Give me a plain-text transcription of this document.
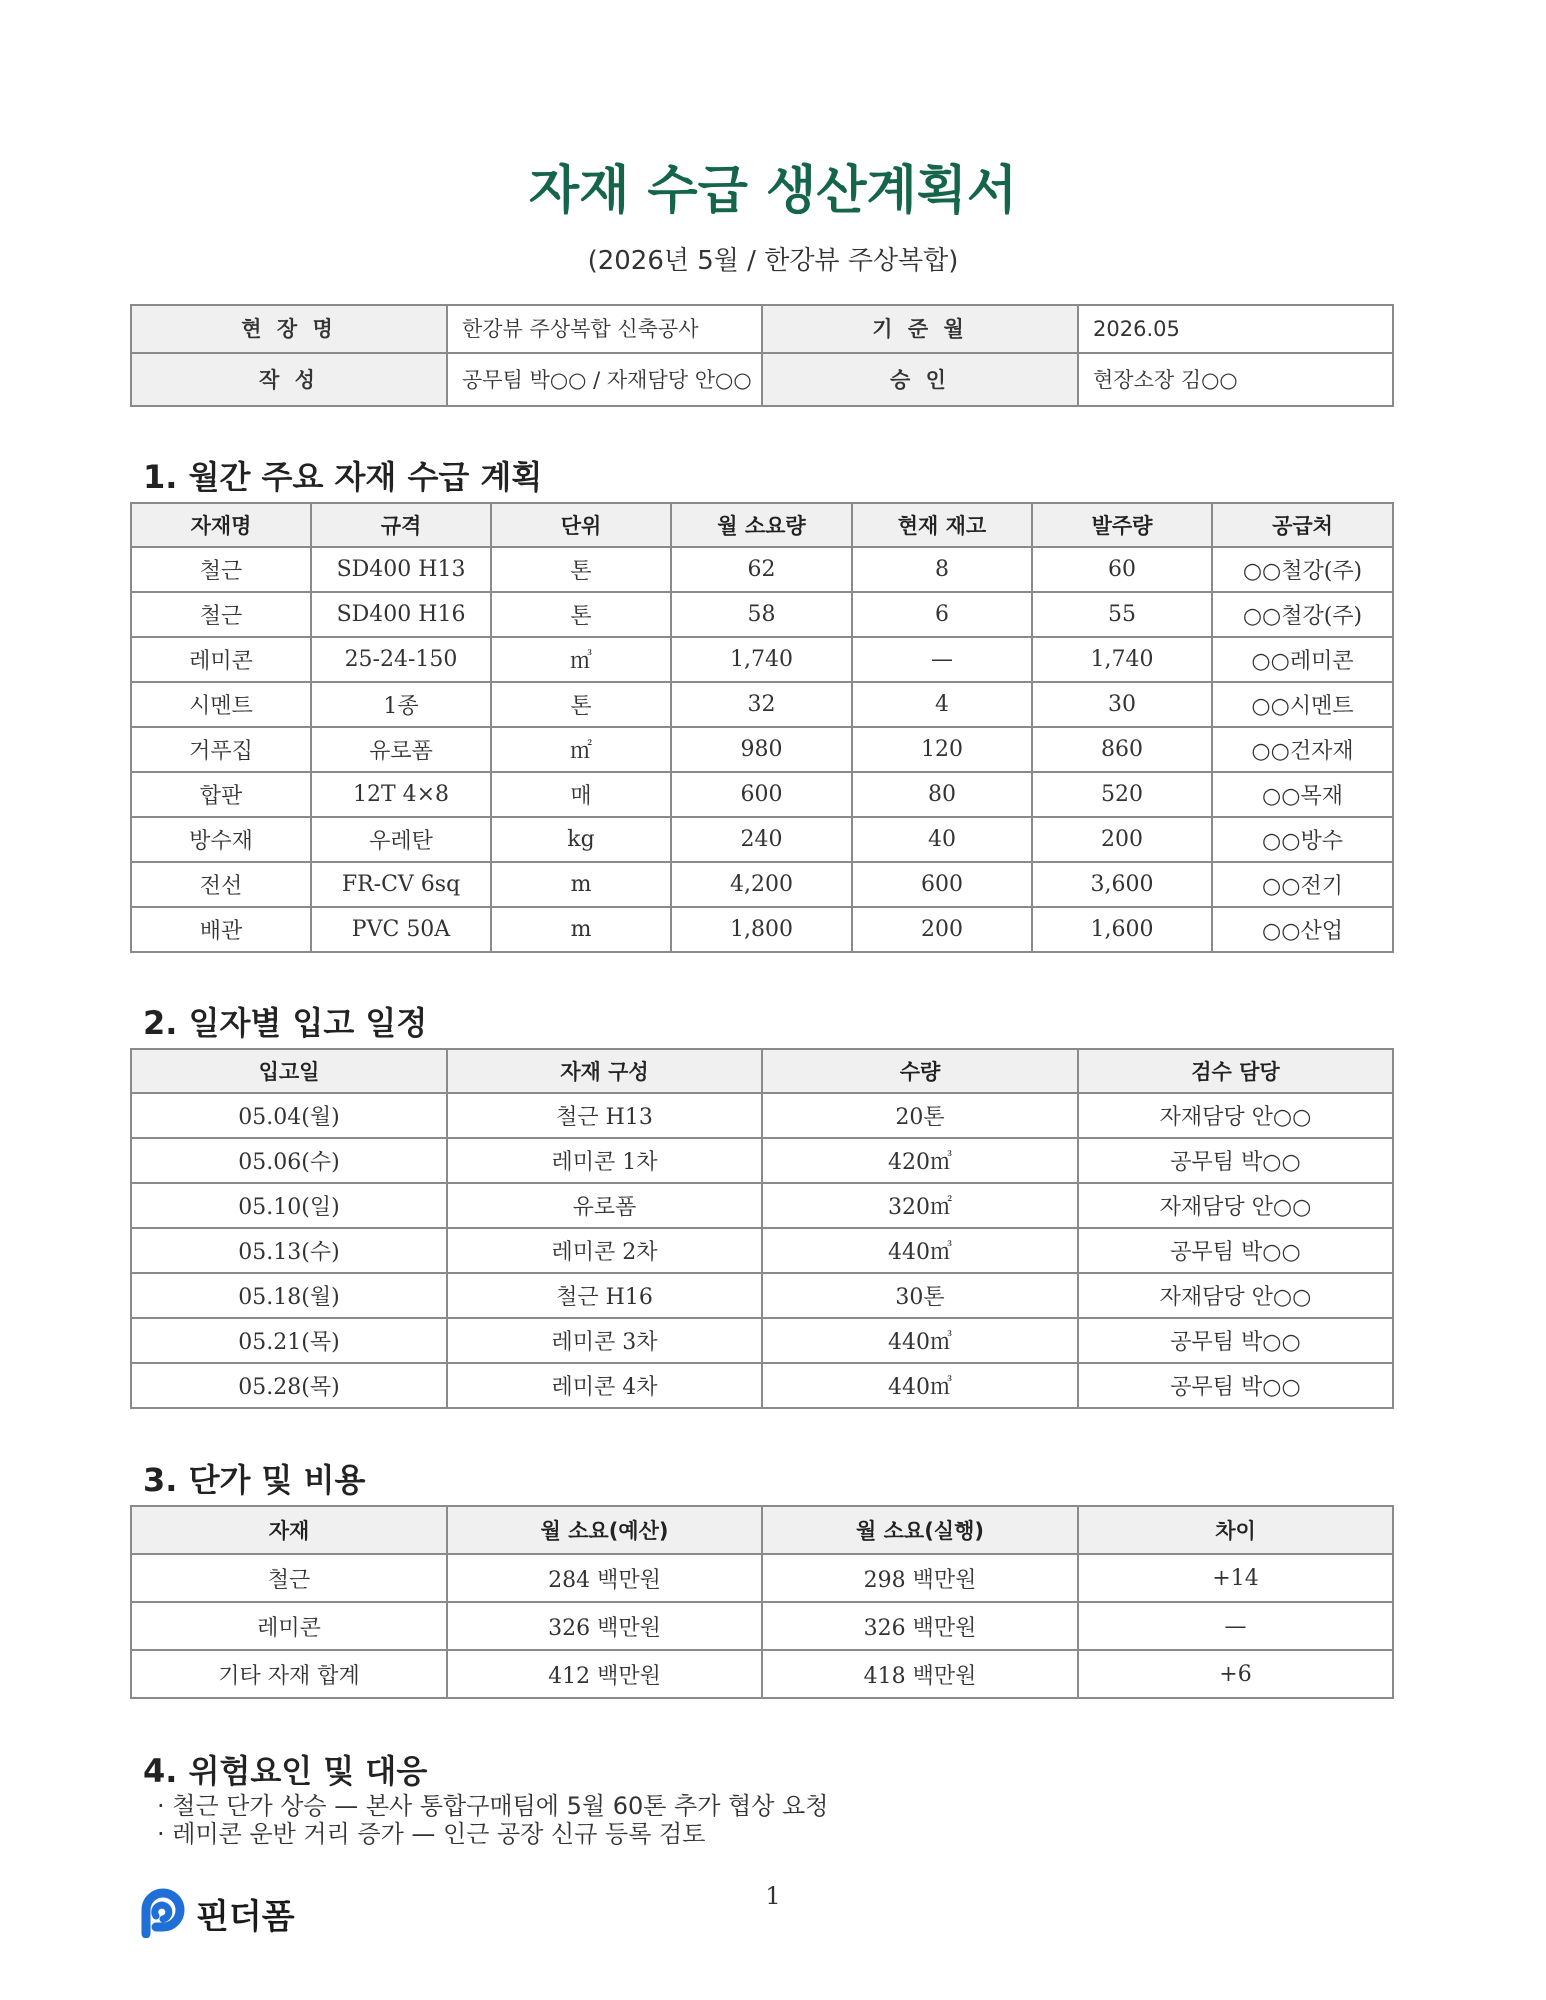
자재 수급 생산계획서
(2026년 5월 / 한강뷰 주상복합)
현 장 명	한강뷰 주상복합 신축공사	기 준 월	2026.05
작 성	공무팀 박○○ / 자재담당 안○○	승 인	현장소장 김○○
1. 월간 주요 자재 수급 계획
자재명	규격	단위	월 소요량	현재 재고	발주량	공급처
철근	SD400 H13	톤	62	8	60	○○철강(주)
철근	SD400 H16	톤	58	6	55	○○철강(주)
레미콘	25-24-150	㎥	1,740	—	1,740	○○레미콘
시멘트	1종	톤	32	4	30	○○시멘트
거푸집	유로폼	㎡	980	120	860	○○건자재
합판	12T 4×8	매	600	80	520	○○목재
방수재	우레탄	kg	240	40	200	○○방수
전선	FR-CV 6sq	m	4,200	600	3,600	○○전기
배관	PVC 50A	m	1,800	200	1,600	○○산업
2. 일자별 입고 일정
입고일	자재 구성	수량	검수 담당
05.04(월)	철근 H13	20톤	자재담당 안○○
05.06(수)	레미콘 1차	420㎥	공무팀 박○○
05.10(일)	유로폼	320㎡	자재담당 안○○
05.13(수)	레미콘 2차	440㎥	공무팀 박○○
05.18(월)	철근 H16	30톤	자재담당 안○○
05.21(목)	레미콘 3차	440㎥	공무팀 박○○
05.28(목)	레미콘 4차	440㎥	공무팀 박○○
3. 단가 및 비용
자재	월 소요(예산)	월 소요(실행)	차이
철근	284 백만원	298 백만원	+14
레미콘	326 백만원	326 백만원	—
기타 자재 합계	412 백만원	418 백만원	+6
4. 위험요인 및 대응
· 철근 단가 상승 — 본사 통합구매팀에 5월 60톤 추가 협상 요청
· 레미콘 운반 거리 증가 — 인근 공장 신규 등록 검토
1
핀더폼
